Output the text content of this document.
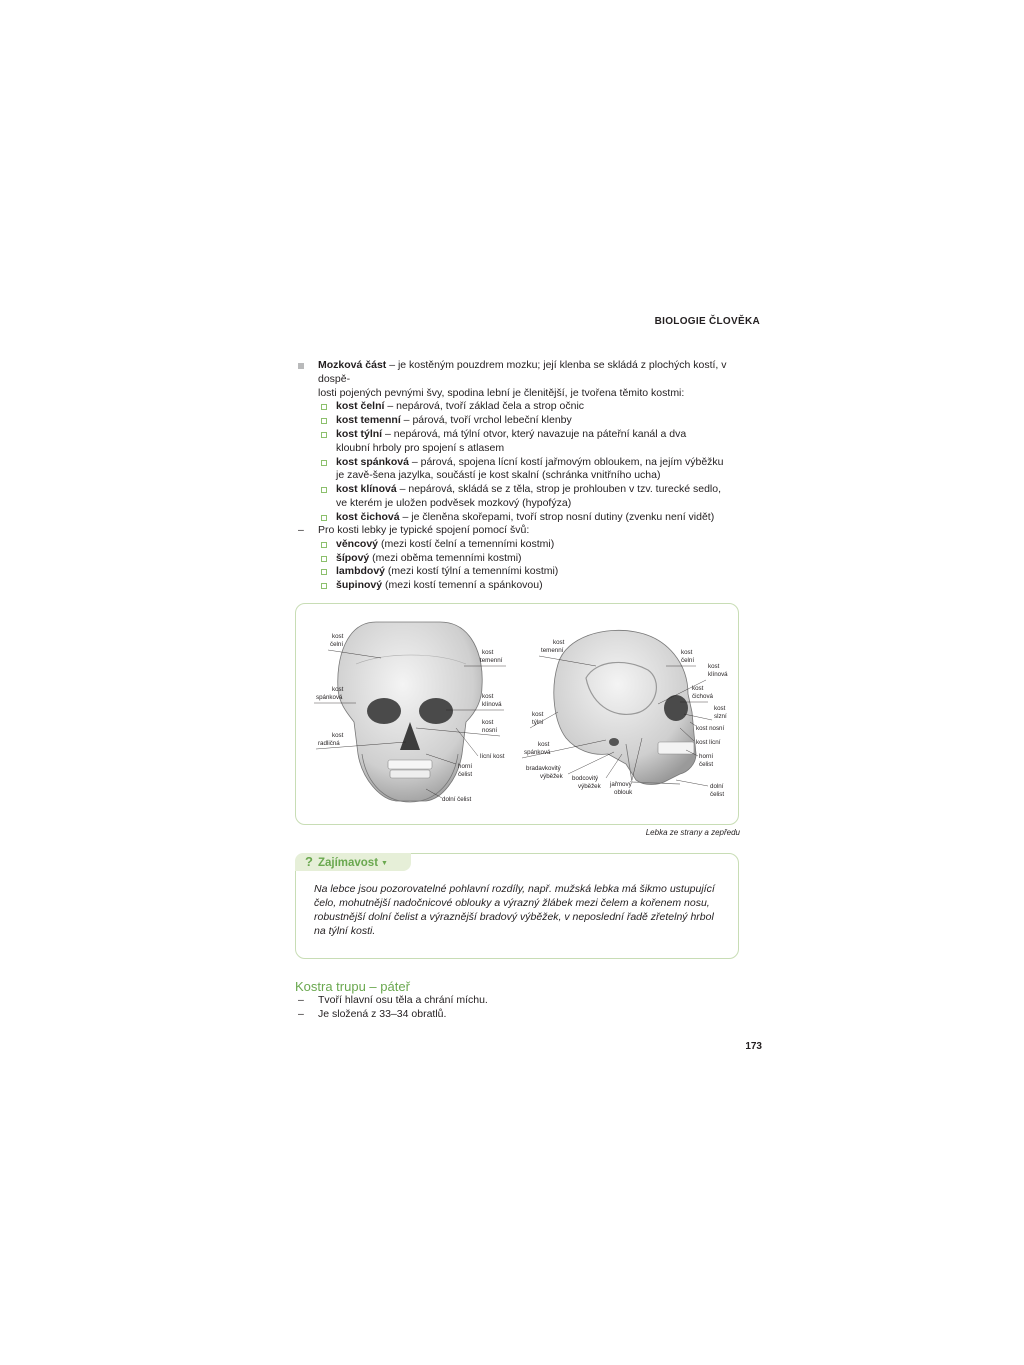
BIOLOGIE ČLOVĚKA
Mozková část – je kostěným pouzdrem mozku; její klenba se skládá z plochých kostí, v dospě-
losti pojených pevnými švy, spodina lební je členitější, je tvořena těmito kostmi:
kost čelní – nepárová, tvoří základ čela a strop očnic
kost temenní – párová, tvoří vrchol lebeční klenby
kost týlní – nepárová, má týlní otvor, který navazuje na páteřní kanál a dva kloubní hrboly pro spojení s atlasem
kost spánková – párová, spojena lícní kostí jařmovým obloukem, na jejím výběžku je zavě-šena jazylka, součástí je kost skalní (schránka vnitřního ucha)
kost klínová – nepárová, skládá se z těla, strop je prohlouben v tzv. turecké sedlo, ve kterém je uložen podvěsek mozkový (hypofýza)
kost čichová – je členěna skořepami, tvoří strop nosní dutiny (zvenku není vidět)
– Pro kosti lebky je typické spojení pomocí švů:
věncový (mezi kostí čelní a temenními kostmi)
šípový (mezi oběma temenními kostmi)
lambdový (mezi kostí týlní a temenními kostmi)
šupinový (mezi kostí temenní a spánkovou)
kost
čelní
kost
temenní
kost
spánková	kost
klínová
kost
nosní
kost
radličná
lícní kost
horní
čelist
dolní čelist
kost
temenní	kost
čelní
kost
klínová
kost
čichová
kost
slzní
kost nosní
kost lícní
kost
týlní
kost
spánková
bradavkovitý
výběžek bodcovitý
výběžek jařmový
oblouk
horní
čelist
dolní
čelist
Lebka ze strany a zepředu
? Zajímavost ▼
Na lebce jsou pozorovatelné pohlavní rozdíly, např. mužská lebka má šikmo ustupující čelo, mohutnější nadočnicové oblouky a výrazný žlábek mezi čelem a kořenem nosu, robustnější dolní čelist a výraznější bradový výběžek, v neposlední řadě zřetelný hrbol na týlní kosti.
Kostra trupu – páteř
– Tvoří hlavní osu těla a chrání míchu.
– Je složená z 33–34 obratlů.
173
